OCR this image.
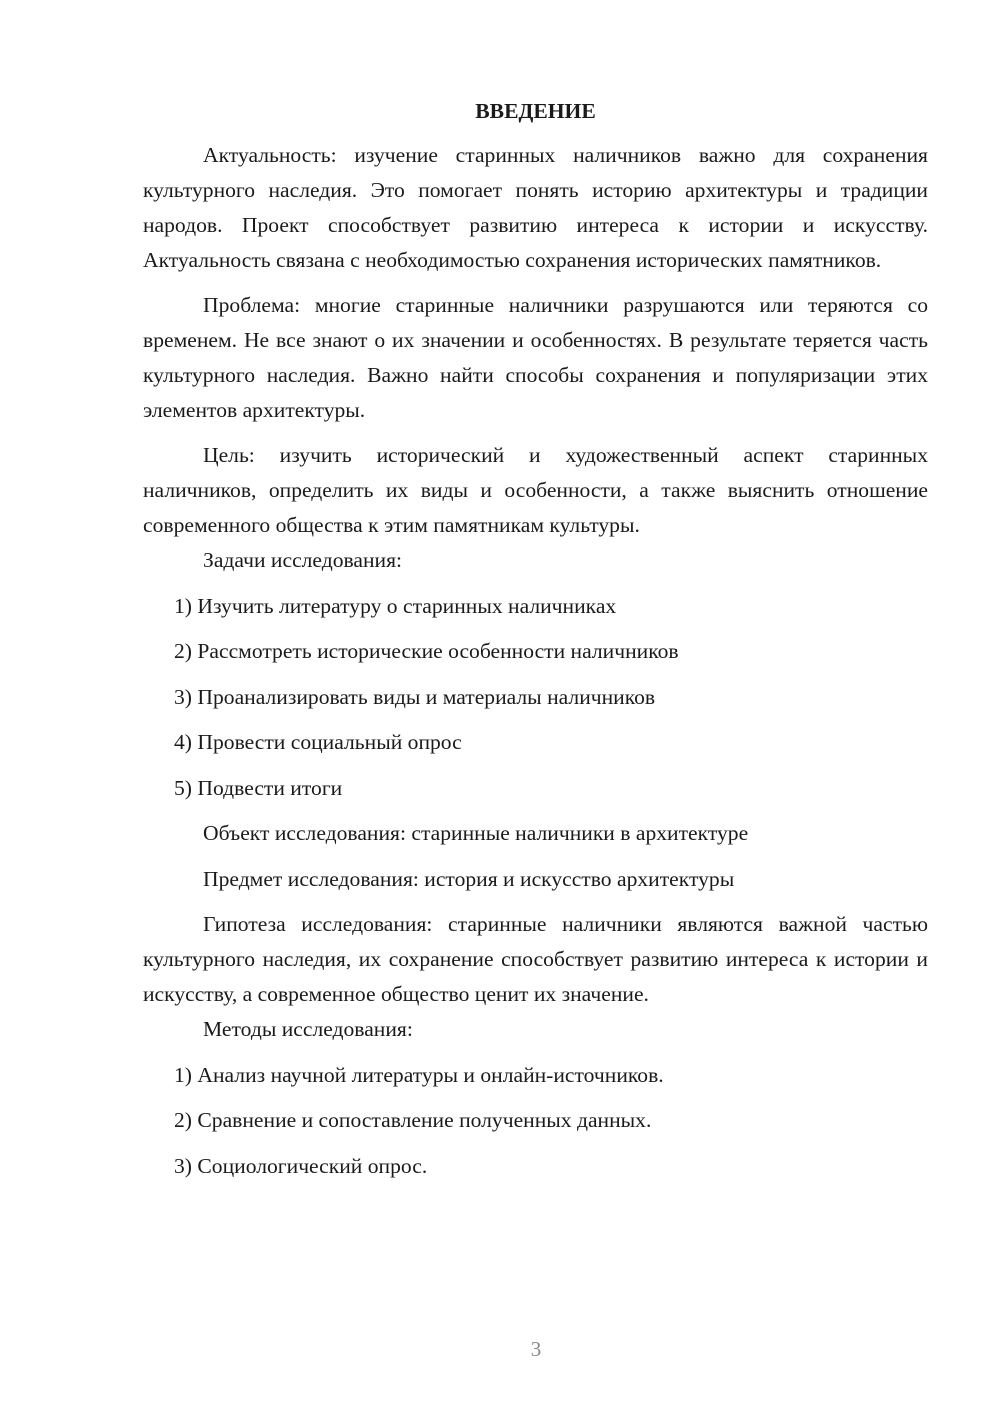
ВВЕДЕНИЕ

Актуальность: изучение старинных наличников важно для сохранения культурного наследия. Это помогает понять историю архитектуры и традиции народов. Проект способствует развитию интереса к истории и искусству. Актуальность связана с необходимостью сохранения исторических памятников.

Проблема: многие старинные наличники разрушаются или теряются со временем. Не все знают о их значении и особенностях. В результате теряется часть культурного наследия. Важно найти способы сохранения и популяризации этих элементов архитектуры.

Цель: изучить исторический и художественный аспект старинных наличников, определить их виды и особенности, а также выяснить отношение современного общества к этим памятникам культуры.

Задачи исследования:

1) Изучить литературу о старинных наличниках

2) Рассмотреть исторические особенности наличников

3) Проанализировать виды и материалы наличников

4) Провести социальный опрос

5) Подвести итоги

Объект исследования: старинные наличники в архитектуре

Предмет исследования: история и искусство архитектуры

Гипотеза исследования: старинные наличники являются важной частью культурного наследия, их сохранение способствует развитию интереса к истории и искусству, а современное общество ценит их значение.

Методы исследования:

1) Анализ научной литературы и онлайн-источников.

2) Сравнение и сопоставление полученных данных.

3) Социологический опрос.

3
